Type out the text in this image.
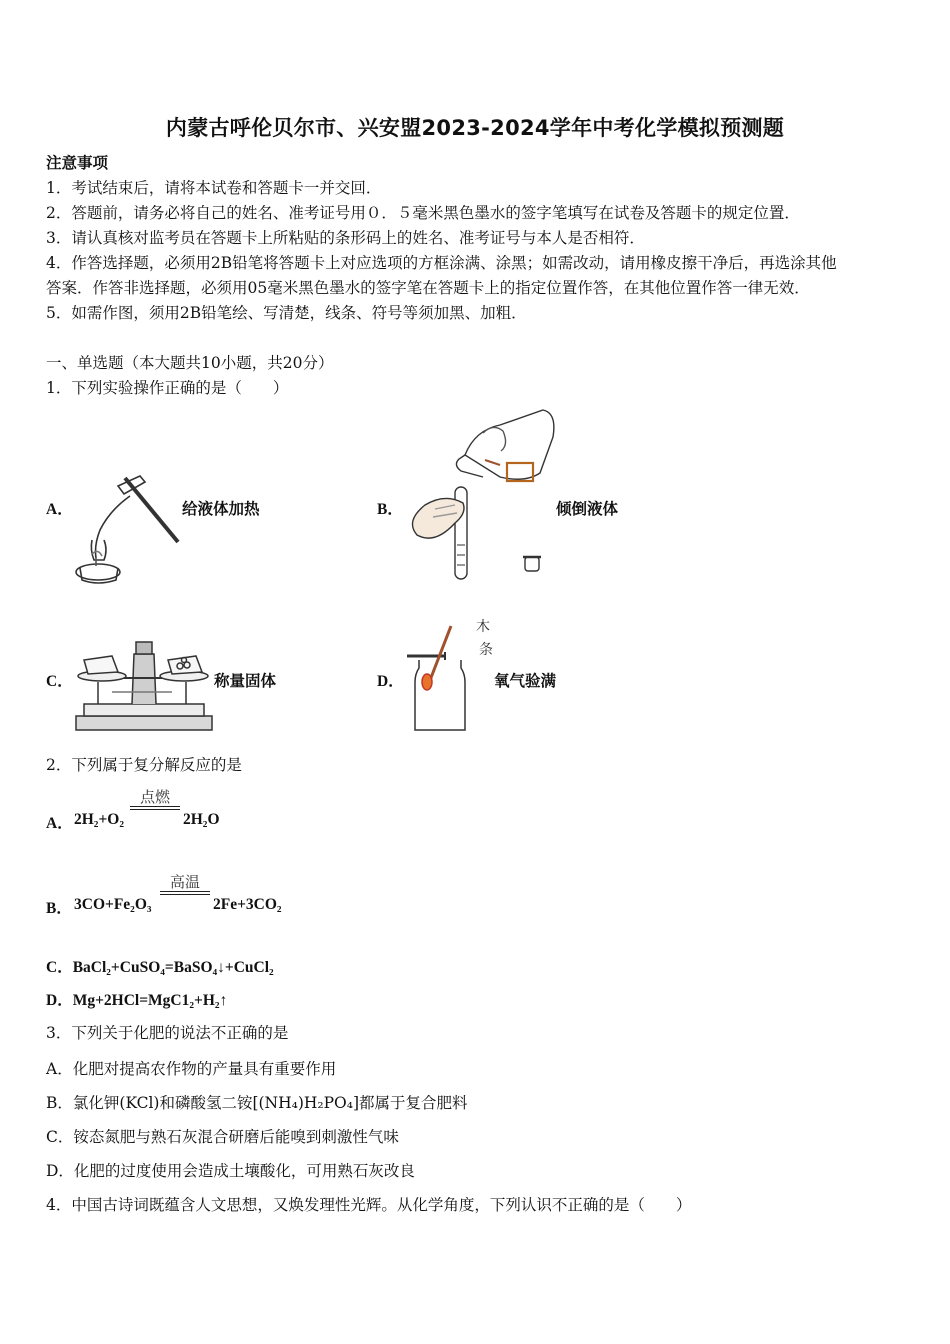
内蒙古呼伦贝尔市、兴安盟2023-2024学年中考化学模拟预测题
注意事项
1．考试结束后，请将本试卷和答题卡一并交回．
2．答题前，请务必将自己的姓名、准考证号用０．５毫米黑色墨水的签字笔填写在试卷及答题卡的规定位置．
3．请认真核对监考员在答题卡上所粘贴的条形码上的姓名、准考证号与本人是否相符．
4．作答选择题，必须用2B铅笔将答题卡上对应选项的方框涂满、涂黑；如需改动，请用橡皮擦干净后，再选涂其他
答案．作答非选择题，必须用05毫米黑色墨水的签字笔在答题卡上的指定位置作答，在其他位置作答一律无效．
5．如需作图，须用2B铅笔绘、写清楚，线条、符号等须加黑、加粗．
一、单选题（本大题共10小题，共20分）
1．下列实验操作正确的是（　　）
A．	给液体加热	B．	倾倒液体
C．	称量固体	D．	氧气验满
木
条
2．下列属于复分解反应的是
A． 2H₂+O₂
点燃
2H₂O
B． 3CO+Fe₂O₃
高温
2Fe+3CO₂
C．BaCl₂+CuSO₄=BaSO₄↓+CuCl₂
D．Mg+2HCl=MgC1₂+H₂↑
3．下列关于化肥的说法不正确的是
A．化肥对提高农作物的产量具有重要作用
B．氯化钾(KCl)和磷酸氢二铵[(NH₄)H₂PO₄]都属于复合肥料
C．铵态氮肥与熟石灰混合研磨后能嗅到刺激性气味
D．化肥的过度使用会造成土壤酸化，可用熟石灰改良
4．中国古诗词既蕴含人文思想，又焕发理性光辉。从化学角度，下列认识不正确的是（　　）
